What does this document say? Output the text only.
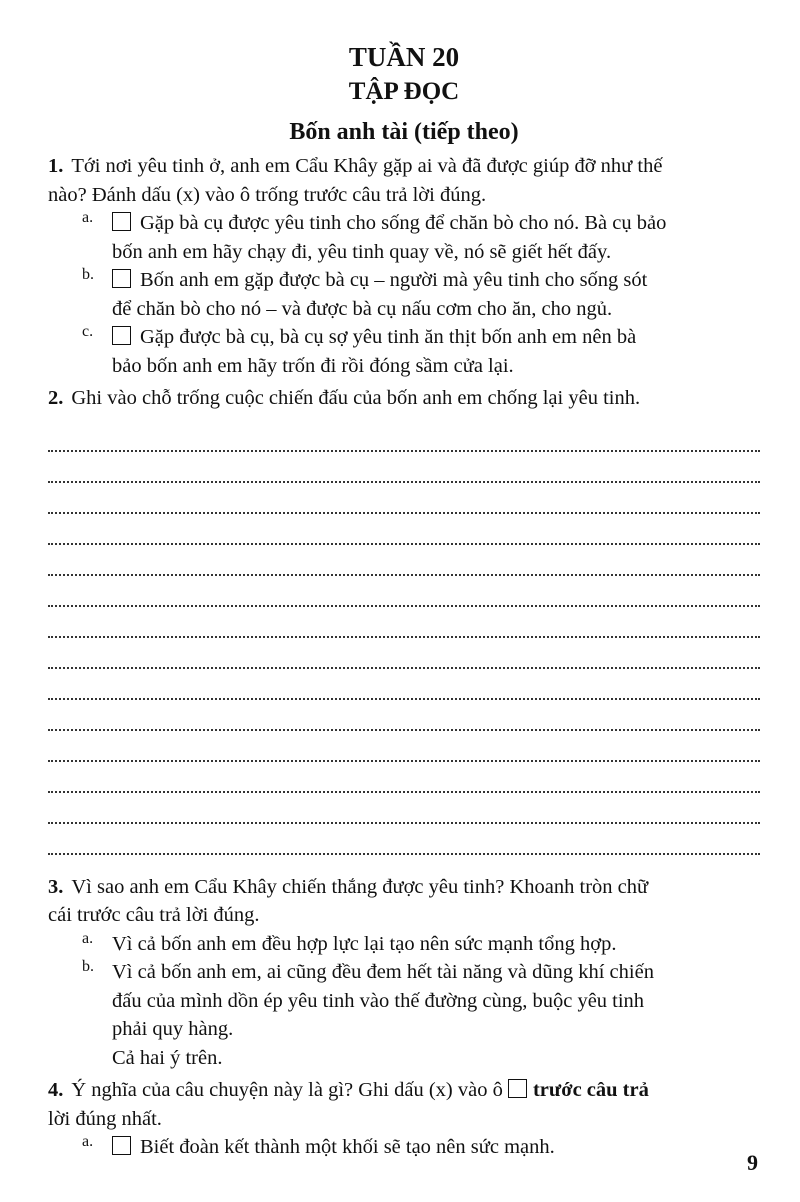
TUẦN 20
TẬP ĐỌC
Bốn anh tài (tiếp theo)

1. Tới nơi yêu tinh ở, anh em Cẩu Khây gặp ai và đã được giúp đỡ như thế

nào? Đánh dấu (x) vào ô trống trước câu trả lời đúng.

a.	Gặp bà cụ được yêu tinh cho sống để chăn bò cho nó. Bà cụ bảo

bốn anh em hãy chạy đi, yêu tinh quay về, nó sẽ giết hết đấy.

b.	Bốn anh em gặp được bà cụ – người mà yêu tinh cho sống sót

để chăn bò cho nó – và được bà cụ nấu cơm cho ăn, cho ngủ.

c.	Gặp được bà cụ, bà cụ sợ yêu tinh ăn thịt bốn anh em nên bà

bảo bốn anh em hãy trốn đi rồi đóng sầm cửa lại.

2. Ghi vào chỗ trống cuộc chiến đấu của bốn anh em chống lại yêu tinh.

3. Vì sao anh em Cẩu Khây chiến thắng được yêu tinh? Khoanh tròn chữ

cái trước câu trả lời đúng.

a. Vì cả bốn anh em đều hợp lực lại tạo nên sức mạnh tổng hợp.

b. Vì cả bốn anh em, ai cũng đều đem hết tài năng và dũng khí chiến

đấu của mình dồn ép yêu tinh vào thế đường cùng, buộc yêu tinh

phải quy hàng.

Cả hai ý trên.

4. Ý nghĩa của câu chuyện này là gì? Ghi dấu (x) vào ô trước câu trả

lời đúng nhất.

a.	Biết đoàn kết thành một khối sẽ tạo nên sức mạnh.

9
